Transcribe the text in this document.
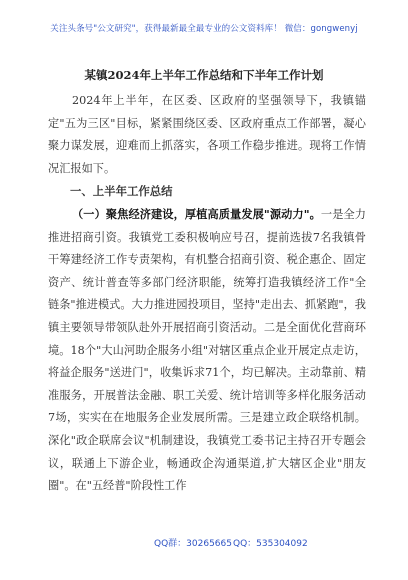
关注头条号"公文研究"，获得最新最全最专业的公文资料库！ 微信：gongwenyj
某镇2024年上半年工作总结和下半年工作计划
2024年上半年，在区委、区政府的坚强领导下，我镇锚定"五为三区"目标，紧紧围绕区委、区政府重点工作部署，凝心聚力谋发展，迎难而上抓落实，各项工作稳步推进。现将工作情况汇报如下。
一、上半年工作总结
（一）聚焦经济建设，厚植高质量发展"源动力"。一是全力推进招商引资。我镇党工委积极响应号召，提前选拔7名我镇骨干筹建经济工作专责架构，有机整合招商引资、税企惠企、固定资产、统计普查等多部门经济职能，统筹打造我镇经济工作"全链条"推进模式。大力推进园投项目，坚持"走出去、抓紧跑"，我镇主要领导带领队赴外开展招商引资活动。二是全面优化营商环境。18个"大山河助企服务小组"对辖区重点企业开展定点走访，将益企服务"送进门"，收集诉求71个，均已解决。主动靠前、精准服务，开展普法金融、职工关爱、统计培训等多样化服务活动7场，实实在在地服务企业发展所需。三是建立政企联络机制。深化"政企联席会议"机制建设，我镇党工委书记主持召开专题会议，联通上下游企业，畅通政企沟通渠道,扩大辖区企业"朋友圈"。在"五经普"阶段性工作
QQ群：30265665 QQ：535304092
